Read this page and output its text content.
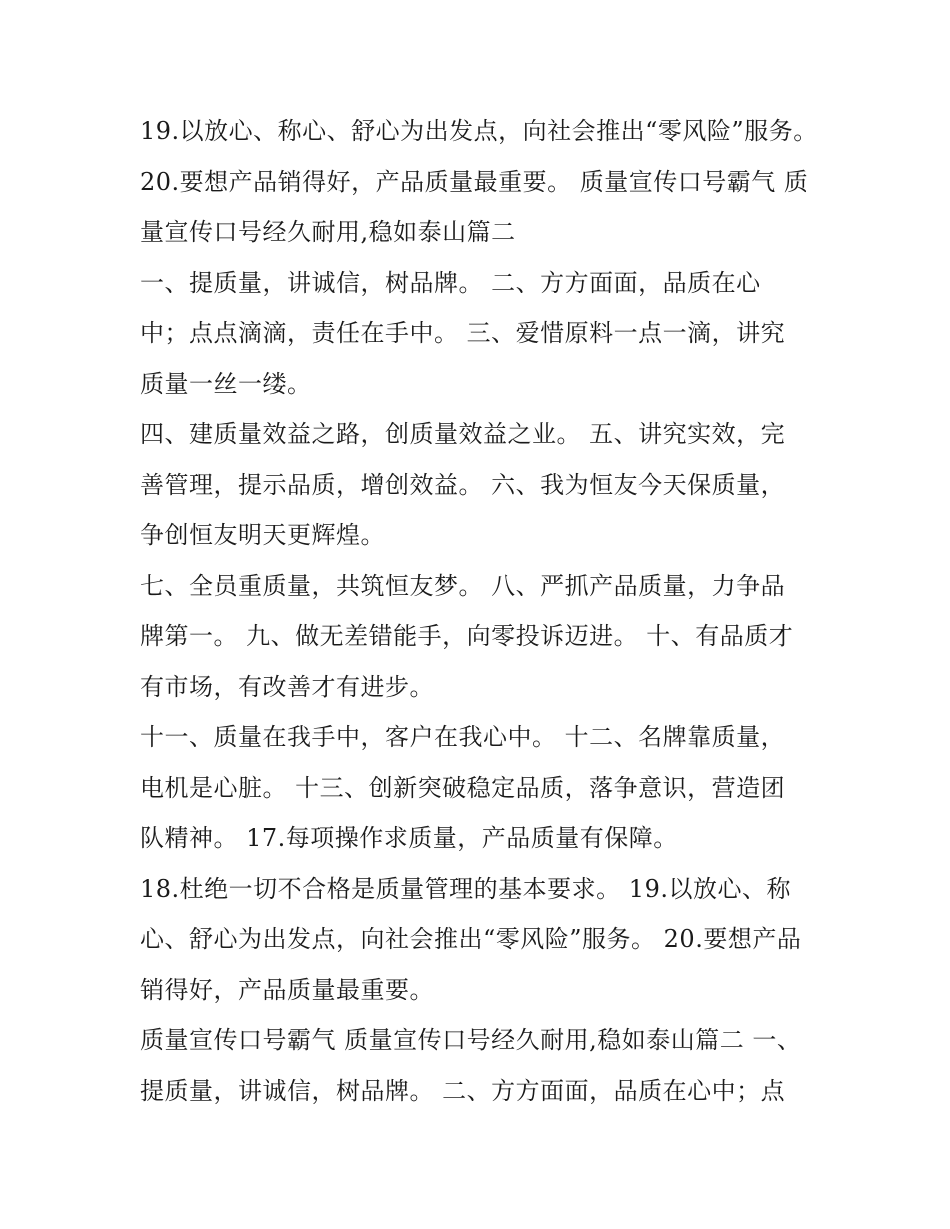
19.以放心、称心、舒心为出发点，向社会推出“零风险”服务。
20.要想产品销得好，产品质量最重要。 质量宣传口号霸气 质
量宣传口号经久耐用,稳如泰山篇二
一、提质量，讲诚信，树品牌。 二、方方面面，品质在心
中；点点滴滴，责任在手中。 三、爱惜原料一点一滴，讲究
质量一丝一缕。
四、建质量效益之路，创质量效益之业。 五、讲究实效，完
善管理，提示品质，增创效益。 六、我为恒友今天保质量，
争创恒友明天更辉煌。
七、全员重质量，共筑恒友梦。 八、严抓产品质量，力争品
牌第一。 九、做无差错能手，向零投诉迈进。 十、有品质才
有市场，有改善才有进步。
十一、质量在我手中，客户在我心中。 十二、名牌靠质量，
电机是心脏。 十三、创新突破稳定品质，落争意识，营造团
队精神。 17.每项操作求质量，产品质量有保障。
18.杜绝一切不合格是质量管理的基本要求。 19.以放心、称
心、舒心为出发点，向社会推出“零风险”服务。 20.要想产品
销得好，产品质量最重要。
质量宣传口号霸气 质量宣传口号经久耐用,稳如泰山篇二 一、
提质量，讲诚信，树品牌。 二、方方面面，品质在心中；点
